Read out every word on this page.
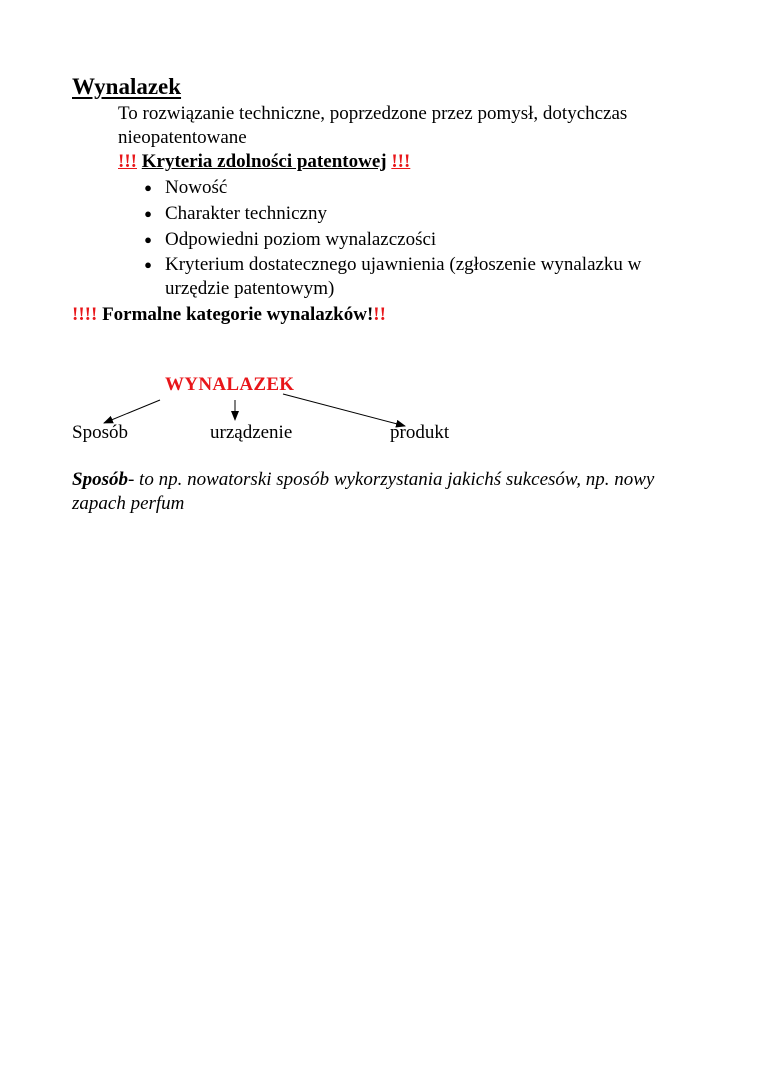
Wynalazek
To rozwiązanie techniczne, poprzedzone przez pomysł, dotychczas nieopatentowane
!!! Kryteria zdolności patentowej !!!
● Nowość
● Charakter techniczny
● Odpowiedni poziom wynalazczości
● Kryterium dostatecznego ujawnienia (zgłoszenie wynalazku w urzędzie patentowym)
!!!! Formalne kategorie wynalazków!!!
WYNALAZEK
Sposób	urządzenie	produkt
Sposób- to np. nowatorski sposób wykorzystania jakichś sukcesów, np. nowy zapach perfum
